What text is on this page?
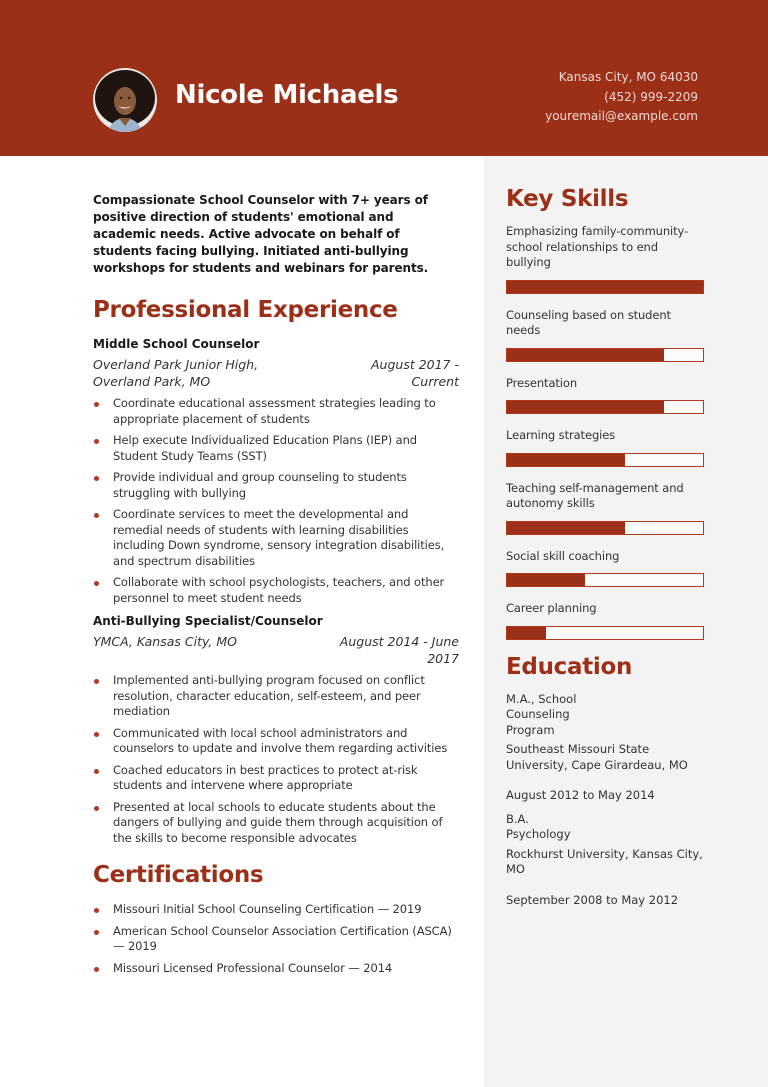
Nicole Michaels
Kansas City, MO 64030
(452) 999-2209
youremail@example.com
Key Skills
Emphasizing family-community-school relationships to end bullying
Counseling based on student needs
Presentation
Learning strategies
Teaching self-management and autonomy skills
Social skill coaching
Career planning
Education
M.A., School Counseling Program
Southeast Missouri State University, Cape Girardeau, MO
August 2012 to May 2014
B.A. Psychology
Rockhurst University, Kansas City, MO
September 2008 to May 2012

Compassionate School Counselor with 7+ years of positive direction of students' emotional and academic needs. Active advocate on behalf of students facing bullying. Initiated anti-bullying workshops for students and webinars for parents.

Professional Experience
Middle School Counselor
Overland Park Junior High, Overland Park, MO
August 2017 - Current
Coordinate educational assessment strategies leading to appropriate placement of students
Help execute Individualized Education Plans (IEP) and Student Study Teams (SST)
Provide individual and group counseling to students struggling with bullying
Coordinate services to meet the developmental and remedial needs of students with learning disabilities including Down syndrome, sensory integration disabilities, and spectrum disabilities
Collaborate with school psychologists, teachers, and other personnel to meet student needs
Anti-Bullying Specialist/Counselor
YMCA, Kansas City, MO	August 2014 - June 2017
Implemented anti-bullying program focused on conflict resolution, character education, self-esteem, and peer mediation
Communicated with local school administrators and counselors to update and involve them regarding activities
Coached educators in best practices to protect at-risk students and intervene where appropriate
Presented at local schools to educate students about the dangers of bullying and guide them through acquisition of the skills to become responsible advocates
Certifications
Missouri Initial School Counseling Certification — 2019
American School Counselor Association Certification (ASCA) — 2019
Missouri Licensed Professional Counselor — 2014
